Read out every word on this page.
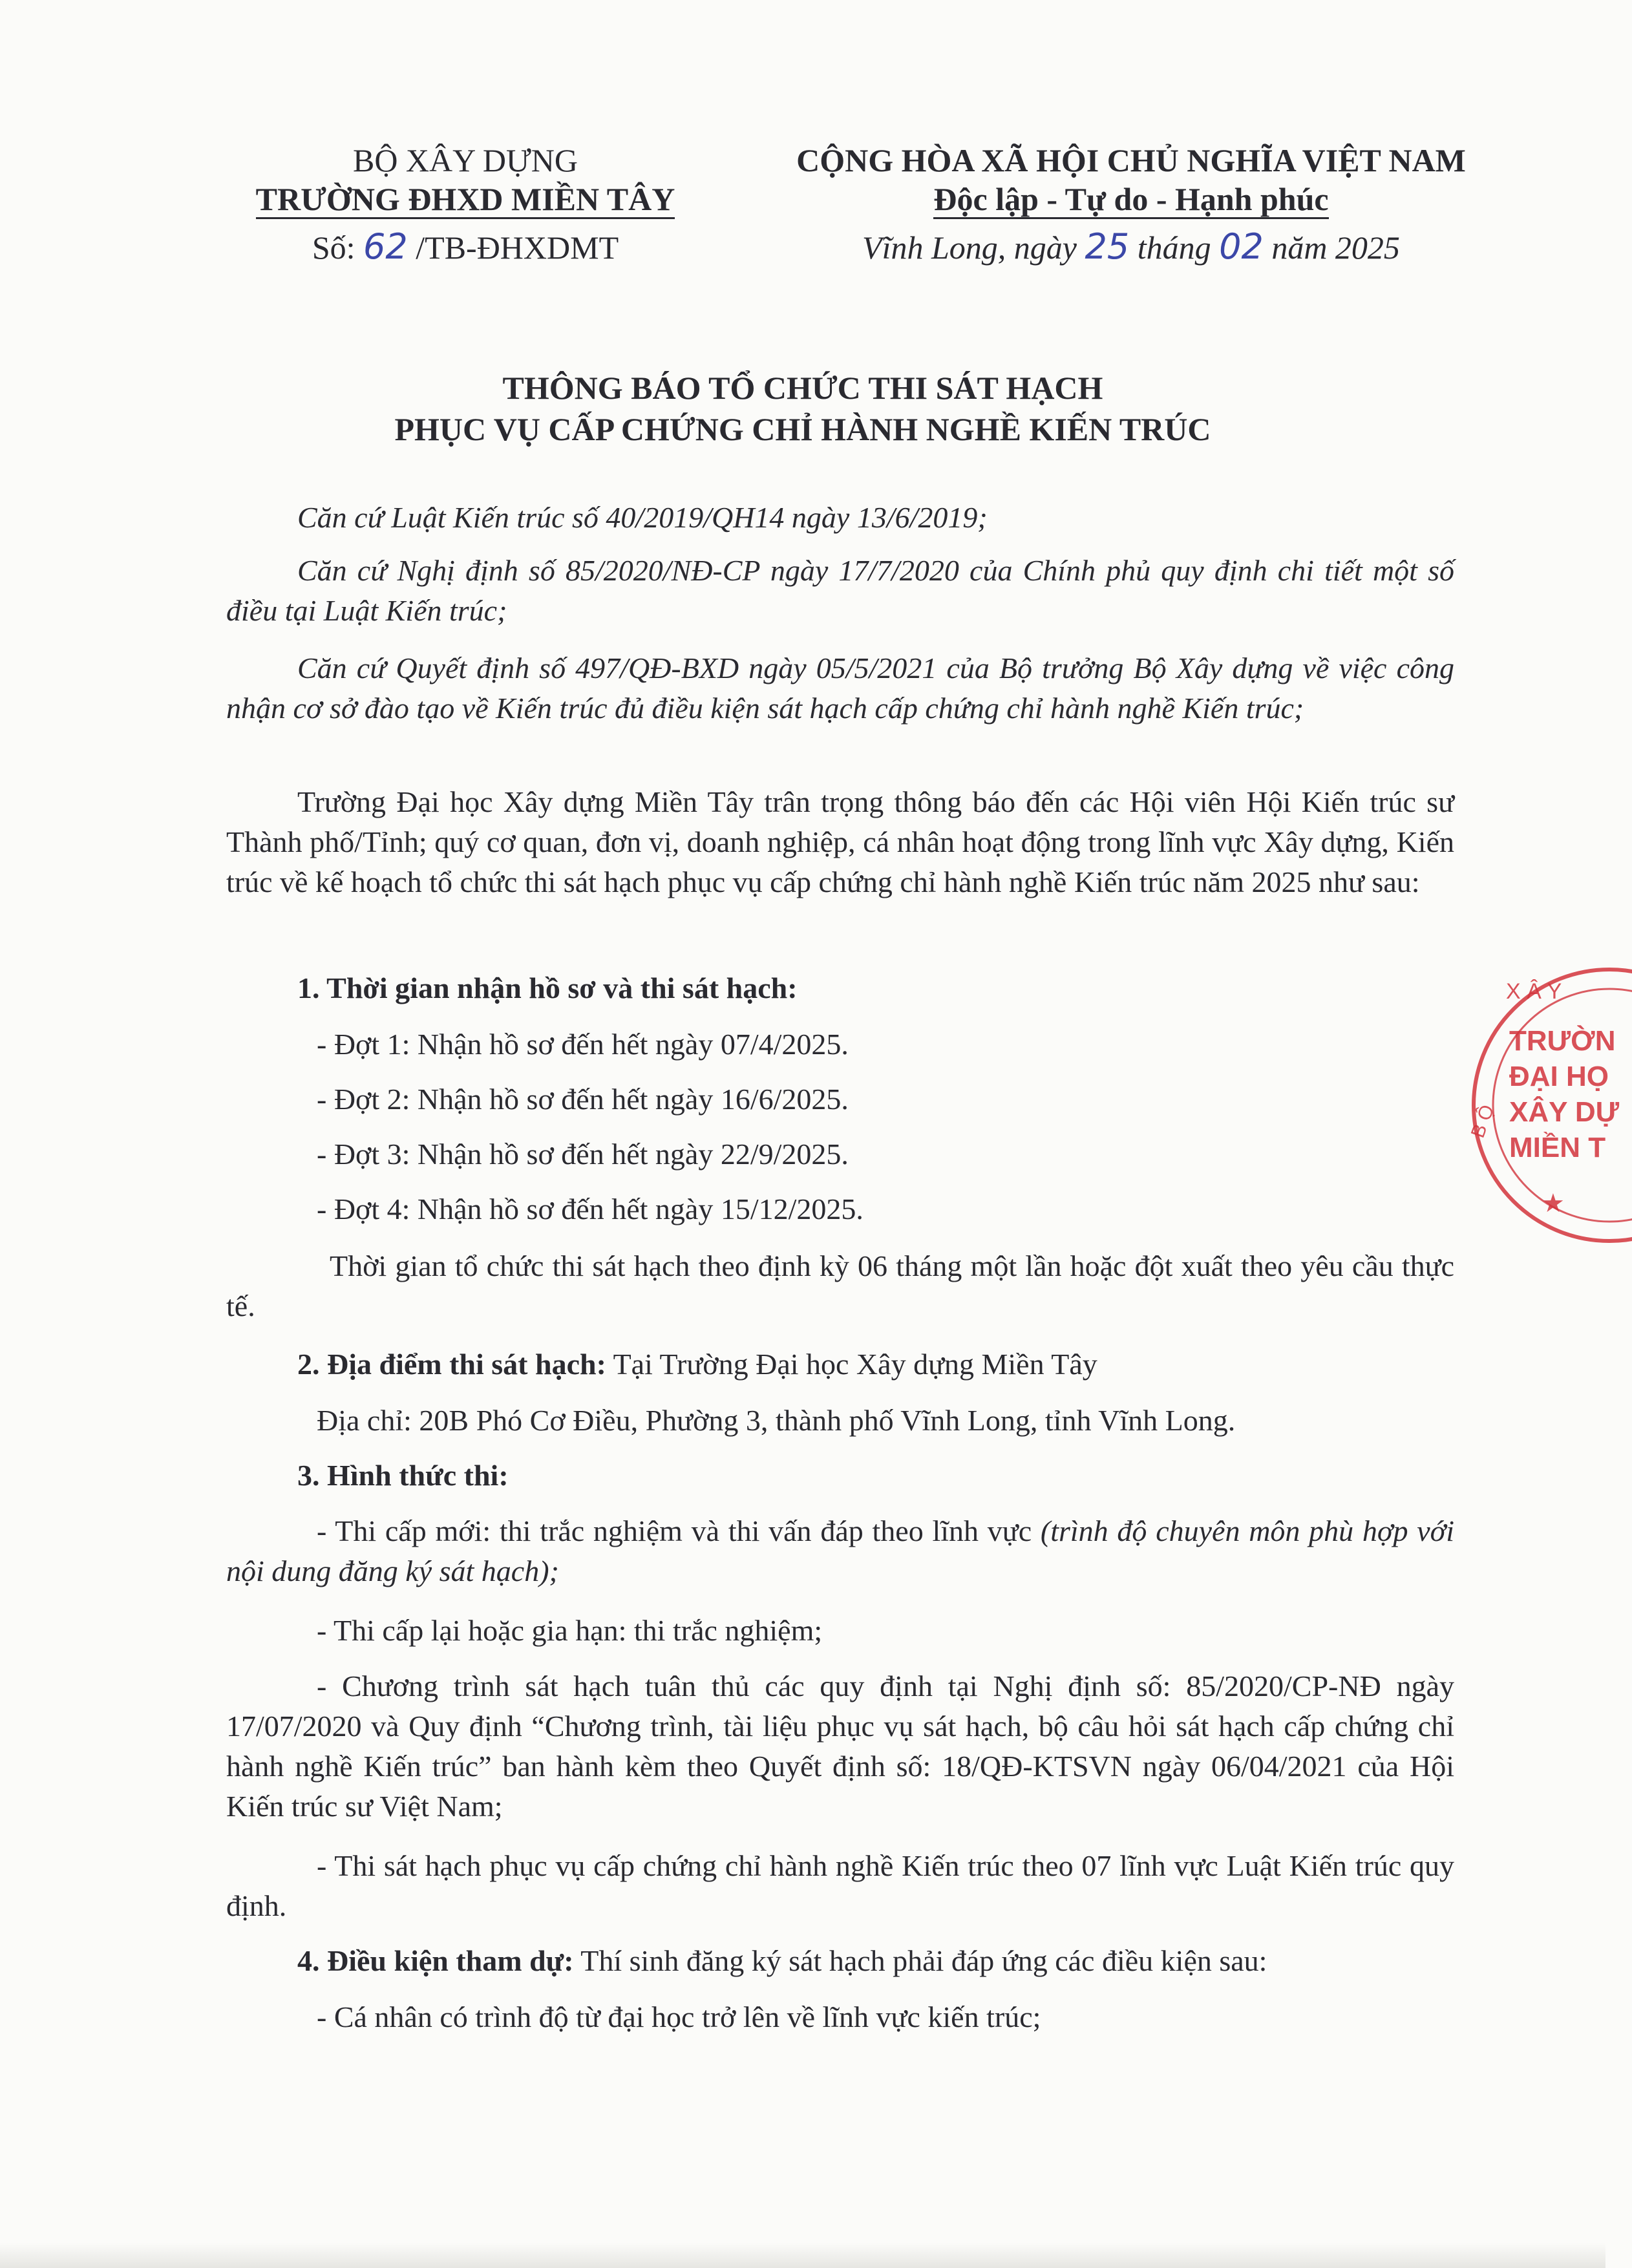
BỘ XÂY DỰNG
TRƯỜNG ĐHXD MIỀN TÂY
Số: 62 /TB-ĐHXDMT
CỘNG HÒA XÃ HỘI CHỦ NGHĨA VIỆT NAM
Độc lập - Tự do - Hạnh phúc
Vĩnh Long, ngày 25 tháng 02 năm 2025
THÔNG BÁO TỔ CHỨC THI SÁT HẠCH
PHỤC VỤ CẤP CHỨNG CHỈ HÀNH NGHỀ KIẾN TRÚC
Căn cứ Luật Kiến trúc số 40/2019/QH14 ngày 13/6/2019;
Căn cứ Nghị định số 85/2020/NĐ-CP ngày 17/7/2020 của Chính phủ quy định chi tiết một số điều tại Luật Kiến trúc;
Căn cứ Quyết định số 497/QĐ-BXD ngày 05/5/2021 của Bộ trưởng Bộ Xây dựng về việc công nhận cơ sở đào tạo về Kiến trúc đủ điều kiện sát hạch cấp chứng chỉ hành nghề Kiến trúc;
Trường Đại học Xây dựng Miền Tây trân trọng thông báo đến các Hội viên Hội Kiến trúc sư Thành phố/Tỉnh; quý cơ quan, đơn vị, doanh nghiệp, cá nhân hoạt động trong lĩnh vực Xây dựng, Kiến trúc về kế hoạch tổ chức thi sát hạch phục vụ cấp chứng chỉ hành nghề Kiến trúc năm 2025 như sau:
1. Thời gian nhận hồ sơ và thi sát hạch:
- Đợt 1: Nhận hồ sơ đến hết ngày 07/4/2025.
- Đợt 2: Nhận hồ sơ đến hết ngày 16/6/2025.
- Đợt 3: Nhận hồ sơ đến hết ngày 22/9/2025.
- Đợt 4: Nhận hồ sơ đến hết ngày 15/12/2025.
Thời gian tổ chức thi sát hạch theo định kỳ 06 tháng một lần hoặc đột xuất theo yêu cầu thực tế.
2. Địa điểm thi sát hạch: Tại Trường Đại học Xây dựng Miền Tây
Địa chỉ: 20B Phó Cơ Điều, Phường 3, thành phố Vĩnh Long, tỉnh Vĩnh Long.
3. Hình thức thi:
- Thi cấp mới: thi trắc nghiệm và thi vấn đáp theo lĩnh vực (trình độ chuyên môn phù hợp với nội dung đăng ký sát hạch);
- Thi cấp lại hoặc gia hạn: thi trắc nghiệm;
- Chương trình sát hạch tuân thủ các quy định tại Nghị định số: 85/2020/CP-NĐ ngày 17/07/2020 và Quy định “Chương trình, tài liệu phục vụ sát hạch, bộ câu hỏi sát hạch cấp chứng chỉ hành nghề Kiến trúc” ban hành kèm theo Quyết định số: 18/QĐ-KTSVN ngày 06/04/2021 của Hội Kiến trúc sư Việt Nam;
- Thi sát hạch phục vụ cấp chứng chỉ hành nghề Kiến trúc theo 07 lĩnh vực Luật Kiến trúc quy định.
4. Điều kiện tham dự: Thí sinh đăng ký sát hạch phải đáp ứng các điều kiện sau:
- Cá nhân có trình độ từ đại học trở lên về lĩnh vực kiến trúc;
X Â Y
TRƯỜN
ĐẠI HỌ
XÂY DỰ
MIỀN T
B Ộ
★
